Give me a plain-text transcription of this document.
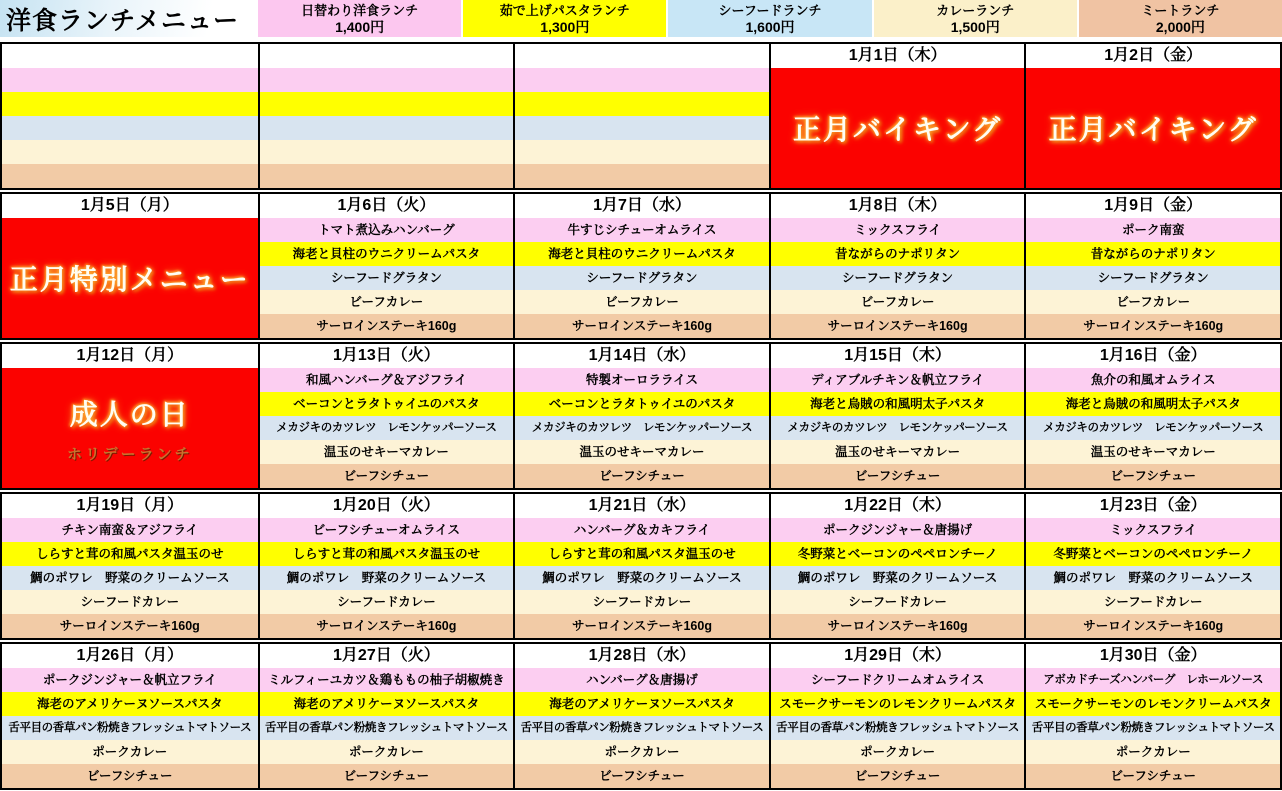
洋食ランチメニュー	日替わり洋食ランチ
1,400円
茹で上げパスタランチ
1,300円
シーフードランチ
1,600円
カレーランチ
1,500円
ミートランチ
2,000円
1月1日（木）
正月バイキング
1月2日（金）
正月バイキング
1月5日（月）
正月特別メニュー
1月6日（火）
トマト煮込みハンバーグ
海老と貝柱のウニクリームパスタ
シーフードグラタン
ビーフカレー
サーロインステーキ160g
1月7日（水）
牛すじシチューオムライス
海老と貝柱のウニクリームパスタ
シーフードグラタン
ビーフカレー
サーロインステーキ160g
1月8日（木）
ミックスフライ
昔ながらのナポリタン
シーフードグラタン
ビーフカレー
サーロインステーキ160g
1月9日（金）
ポーク南蛮
昔ながらのナポリタン
シーフードグラタン
ビーフカレー
サーロインステーキ160g
1月12日（月）
成人の日
ホリデーランチ
1月13日（火）
和風ハンバーグ＆アジフライ
ベーコンとラタトゥイユのパスタ
メカジキのカツレツ　レモンケッパーソース
温玉のせキーマカレー
ビーフシチュー
1月14日（水）
特製オーロラライス
ベーコンとラタトゥイユのパスタ
メカジキのカツレツ　レモンケッパーソース
温玉のせキーマカレー
ビーフシチュー
1月15日（木）
ディアブルチキン＆帆立フライ
海老と烏賊の和風明太子パスタ
メカジキのカツレツ　レモンケッパーソース
温玉のせキーマカレー
ビーフシチュー
1月16日（金）
魚介の和風オムライス
海老と烏賊の和風明太子パスタ
メカジキのカツレツ　レモンケッパーソース
温玉のせキーマカレー
ビーフシチュー
1月19日（月）
チキン南蛮＆アジフライ
しらすと茸の和風パスタ温玉のせ
鯛のポワレ　野菜のクリームソース
シーフードカレー
サーロインステーキ160g
1月20日（火）
ビーフシチューオムライス
しらすと茸の和風パスタ温玉のせ
鯛のポワレ　野菜のクリームソース
シーフードカレー
サーロインステーキ160g
1月21日（水）
ハンバーグ＆カキフライ
しらすと茸の和風パスタ温玉のせ
鯛のポワレ　野菜のクリームソース
シーフードカレー
サーロインステーキ160g
1月22日（木）
ポークジンジャー＆唐揚げ
冬野菜とベーコンのペペロンチーノ
鯛のポワレ　野菜のクリームソース
シーフードカレー
サーロインステーキ160g
1月23日（金）
ミックスフライ
冬野菜とベーコンのペペロンチーノ
鯛のポワレ　野菜のクリームソース
シーフードカレー
サーロインステーキ160g
1月26日（月）
ポークジンジャー＆帆立フライ
海老のアメリケーヌソースパスタ
舌平目の香草パン粉焼きフレッシュトマトソース
ポークカレー
ビーフシチュー
1月27日（火）
ミルフィーユカツ＆鶏ももの柚子胡椒焼き
海老のアメリケーヌソースパスタ
舌平目の香草パン粉焼きフレッシュトマトソース
ポークカレー
ビーフシチュー
1月28日（水）
ハンバーグ＆唐揚げ
海老のアメリケーヌソースパスタ
舌平目の香草パン粉焼きフレッシュトマトソース
ポークカレー
ビーフシチュー
1月29日（木）
シーフードクリームオムライス
スモークサーモンのレモンクリームパスタ
舌平目の香草パン粉焼きフレッシュトマトソース
ポークカレー
ビーフシチュー
1月30日（金）
アボカドチーズハンバーグ　レホールソース
スモークサーモンのレモンクリームパスタ
舌平目の香草パン粉焼きフレッシュトマトソース
ポークカレー
ビーフシチュー
